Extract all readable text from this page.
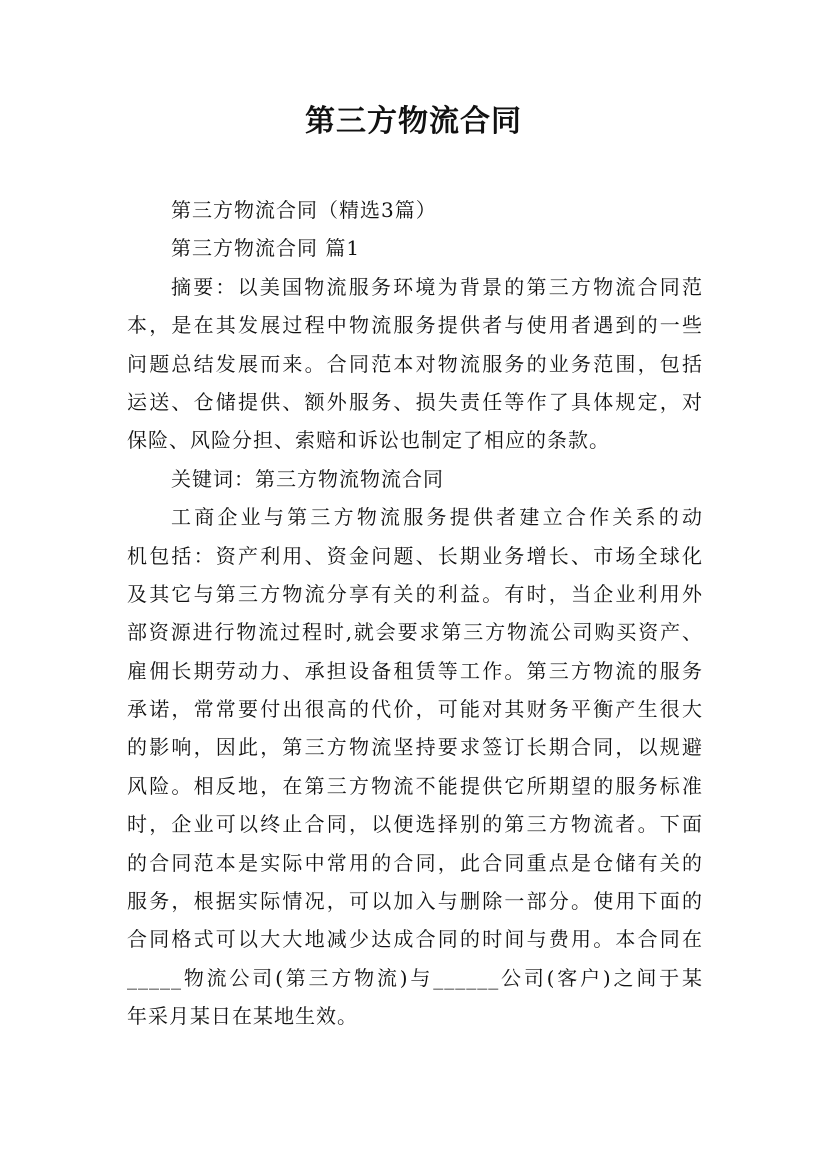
第三方物流合同
第三方物流合同（精选3篇）
第三方物流合同 篇1
摘要：以美国物流服务环境为背景的第三方物流合同范
本，是在其发展过程中物流服务提供者与使用者遇到的一些
问题总结发展而来。合同范本对物流服务的业务范围，包括
运送、仓储提供、额外服务、损失责任等作了具体规定，对
保险、风险分担、索赔和诉讼也制定了相应的条款。
关键词：第三方物流物流合同
工商企业与第三方物流服务提供者建立合作关系的动
机包括：资产利用、资金问题、长期业务增长、市场全球化
及其它与第三方物流分享有关的利益。有时，当企业利用外
部资源进行物流过程时,就会要求第三方物流公司购买资产、
雇佣长期劳动力、承担设备租赁等工作。第三方物流的服务
承诺，常常要付出很高的代价，可能对其财务平衡产生很大
的影响，因此，第三方物流坚持要求签订长期合同，以规避
风险。相反地，在第三方物流不能提供它所期望的服务标准
时，企业可以终止合同，以便选择别的第三方物流者。下面
的合同范本是实际中常用的合同，此合同重点是仓储有关的
服务，根据实际情况，可以加入与删除一部分。使用下面的
合同格式可以大大地减少达成合同的时间与费用。本合同在
_____物流公司(第三方物流)与______公司(客户)之间于某
年采月某日在某地生效。
